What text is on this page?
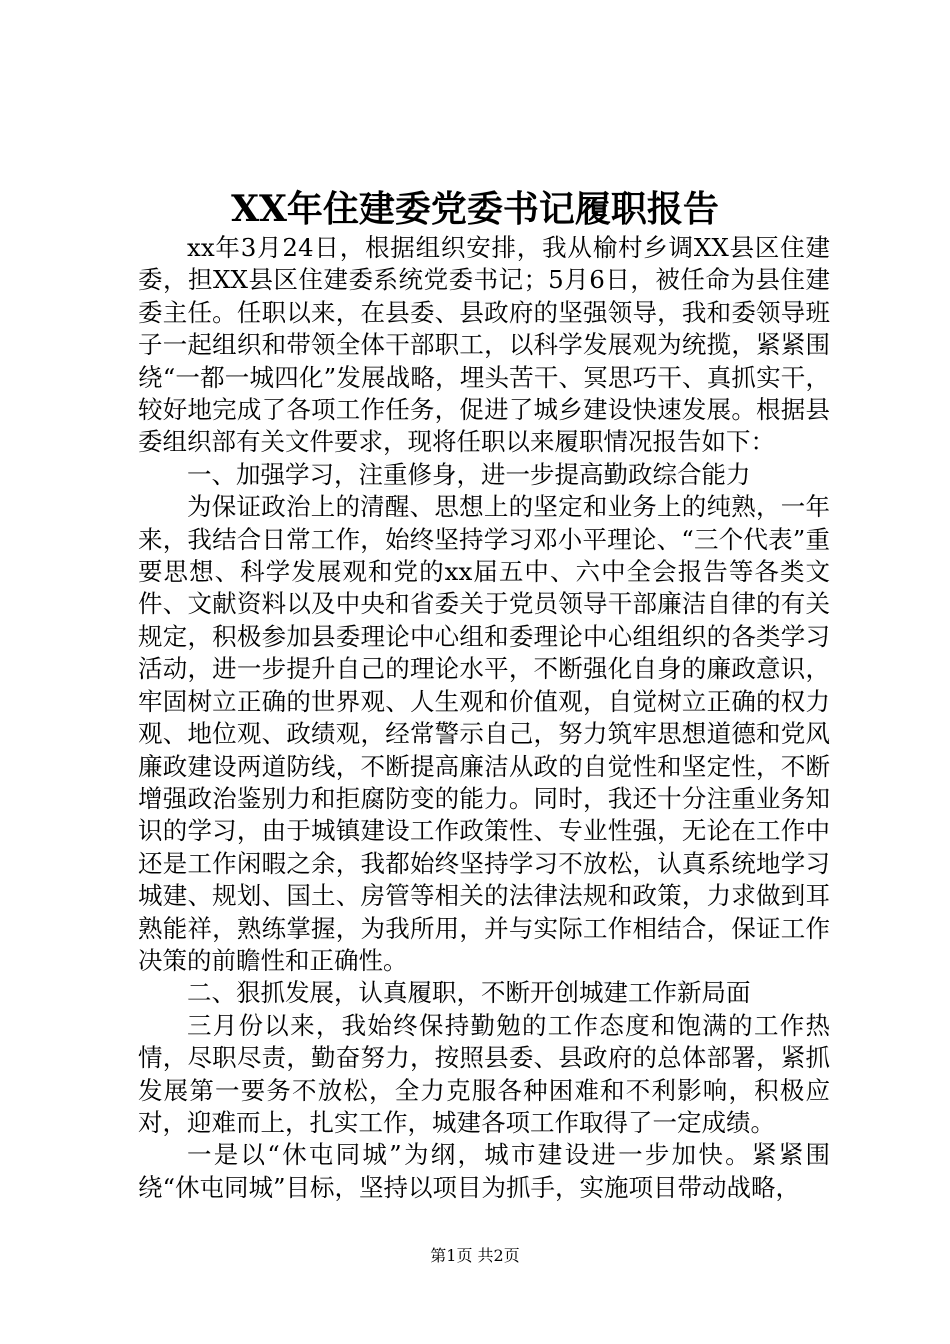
XX年住建委党委书记履职报告

xx年3月24日，根据组织安排，我从榆村乡调XX县区住建委，担XX县区住建委系统党委书记；5月6日，被任命为县住建委主任。任职以来，在县委、县政府的坚强领导，我和委领导班子一起组织和带领全体干部职工，以科学发展观为统揽，紧紧围绕“一都一城四化”发展战略，埋头苦干、冥思巧干、真抓实干，较好地完成了各项工作任务，促进了城乡建设快速发展。根据县委组织部有关文件要求，现将任职以来履职情况报告如下：

一、加强学习，注重修身，进一步提高勤政综合能力

为保证政治上的清醒、思想上的坚定和业务上的纯熟，一年来，我结合日常工作，始终坚持学习邓小平理论、“三个代表”重要思想、科学发展观和党的xx届五中、六中全会报告等各类文件、文献资料以及中央和省委关于党员领导干部廉洁自律的有关规定，积极参加县委理论中心组和委理论中心组组织的各类学习活动，进一步提升自己的理论水平，不断强化自身的廉政意识，牢固树立正确的世界观、人生观和价值观，自觉树立正确的权力观、地位观、政绩观，经常警示自己，努力筑牢思想道德和党风廉政建设两道防线，不断提高廉洁从政的自觉性和坚定性，不断增强政治鉴别力和拒腐防变的能力。同时，我还十分注重业务知识的学习，由于城镇建设工作政策性、专业性强，无论在工作中还是工作闲暇之余，我都始终坚持学习不放松，认真系统地学习城建、规划、国土、房管等相关的法律法规和政策，力求做到耳熟能祥，熟练掌握，为我所用，并与实际工作相结合，保证工作决策的前瞻性和正确性。

二、狠抓发展，认真履职，不断开创城建工作新局面

三月份以来，我始终保持勤勉的工作态度和饱满的工作热情，尽职尽责，勤奋努力，按照县委、县政府的总体部署，紧抓发展第一要务不放松，全力克服各种困难和不利影响，积极应对，迎难而上，扎实工作，城建各项工作取得了一定成绩。

一是以“休屯同城”为纲，城市建设进一步加快。紧紧围绕“休屯同城”目标，坚持以项目为抓手，实施项目带动战略，

第1页 共2页
